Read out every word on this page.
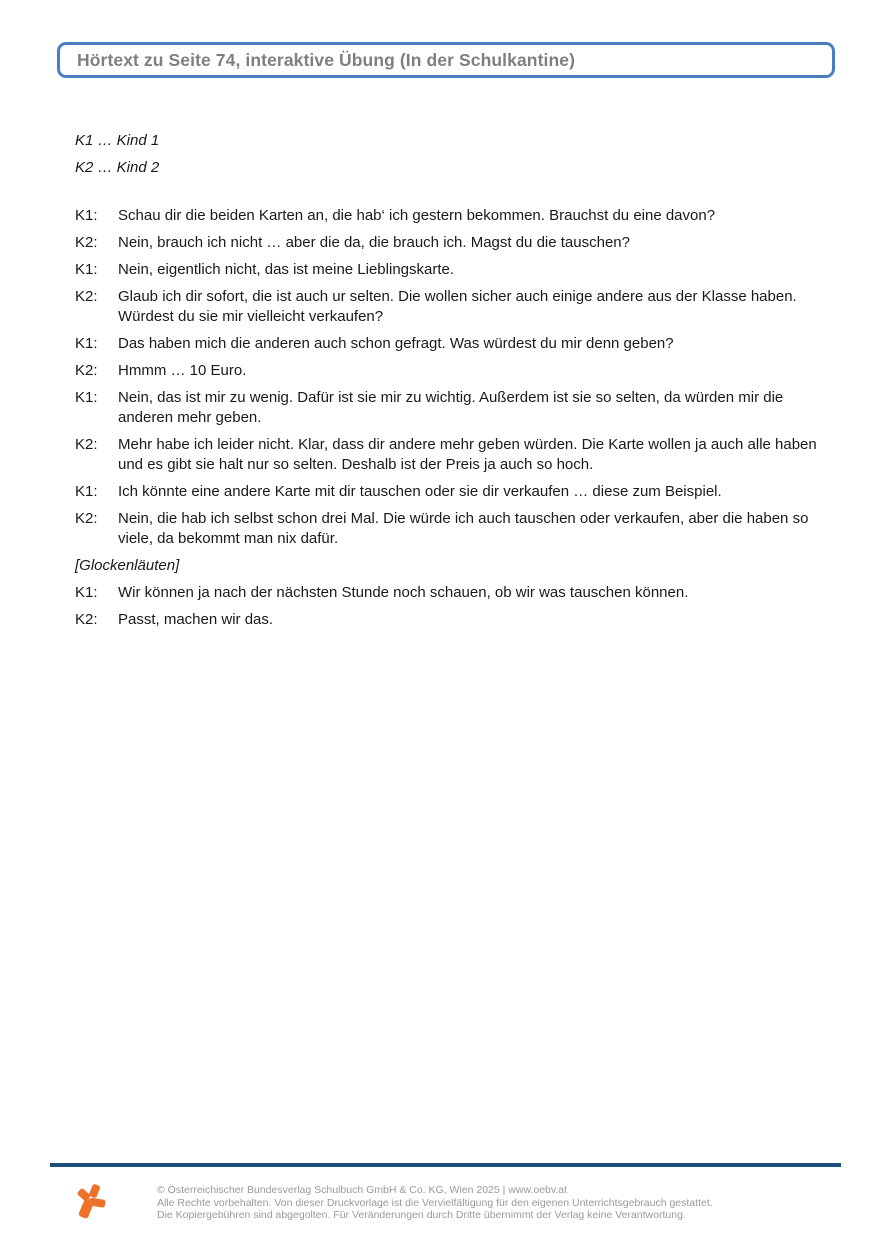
Hörtext zu Seite 74, interaktive Übung (In der Schulkantine)
K1 … Kind 1
K2 … Kind 2
K1:	Schau dir die beiden Karten an, die hab‘ ich gestern bekommen. Brauchst du eine davon?
K2:	Nein, brauch ich nicht … aber die da, die brauch ich. Magst du die tauschen?
K1:	Nein, eigentlich nicht, das ist meine Lieblingskarte.
K2:	Glaub ich dir sofort, die ist auch ur selten. Die wollen sicher auch einige andere aus der Klasse haben. Würdest du sie mir vielleicht verkaufen?
K1:	Das haben mich die anderen auch schon gefragt. Was würdest du mir denn geben?
K2:	Hmmm … 10 Euro.
K1:	Nein, das ist mir zu wenig. Dafür ist sie mir zu wichtig. Außerdem ist sie so selten, da würden mir die anderen mehr geben.
K2:	Mehr habe ich leider nicht. Klar, dass dir andere mehr geben würden. Die Karte wollen ja auch alle haben und es gibt sie halt nur so selten. Deshalb ist der Preis ja auch so hoch.
K1:	Ich könnte eine andere Karte mit dir tauschen oder sie dir verkaufen … diese zum Beispiel.
K2:	Nein, die hab ich selbst schon drei Mal. Die würde ich auch tauschen oder verkaufen, aber die haben so viele, da bekommt man nix dafür.
[Glockenläuten]
K1:	Wir können ja nach der nächsten Stunde noch schauen, ob wir was tauschen können.
K2:	Passt, machen wir das.
© Österreichischer Bundesverlag Schulbuch GmbH & Co. KG, Wien 2025 | www.oebv.at
Alle Rechte vorbehalten. Von dieser Druckvorlage ist die Vervielfältigung für den eigenen Unterrichtsgebrauch gestattet.
Die Kopiergebühren sind abgegolten. Für Veränderungen durch Dritte übernimmt der Verlag keine Verantwortung.
